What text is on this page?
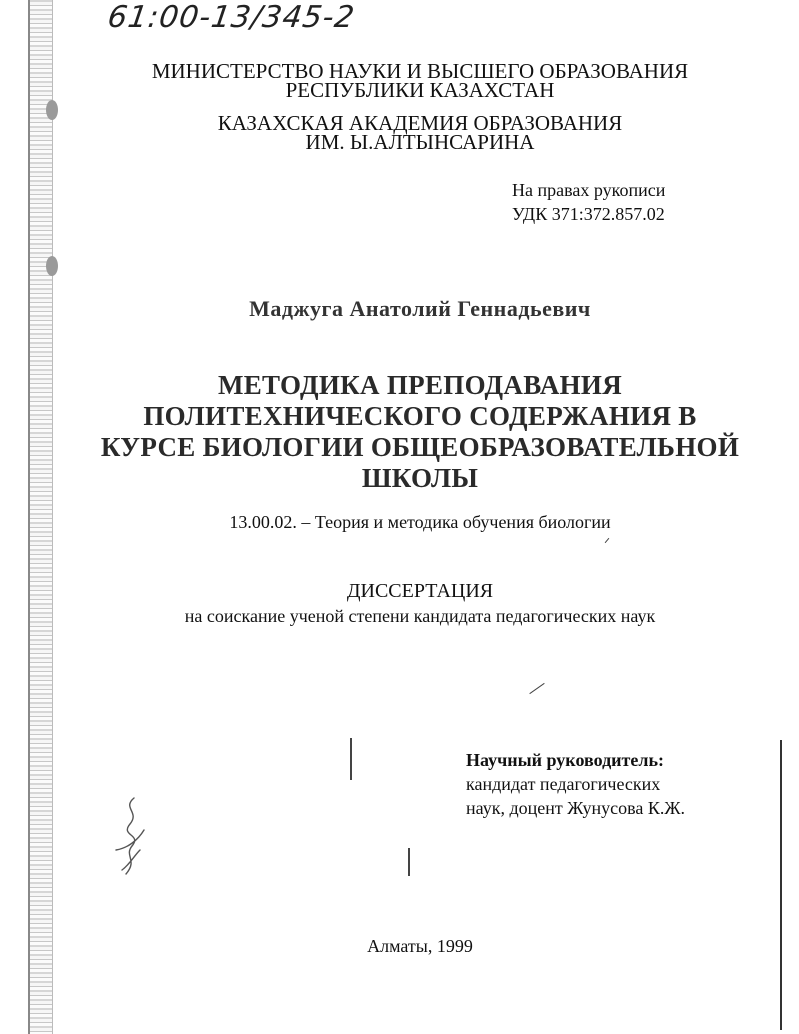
61:00-13/345-2
МИНИСТЕРСТВО НАУКИ И ВЫСШЕГО ОБРАЗОВАНИЯ
РЕСПУБЛИКИ КАЗАХСТАН
КАЗАХСКАЯ АКАДЕМИЯ ОБРАЗОВАНИЯ
ИМ. Ы.АЛТЫНСАРИНА
На правах рукописи
УДК 371:372.857.02
Маджуга Анатолий Геннадьевич
МЕТОДИКА ПРЕПОДАВАНИЯ
ПОЛИТЕХНИЧЕСКОГО СОДЕРЖАНИЯ В
КУРСЕ БИОЛОГИИ ОБЩЕОБРАЗОВАТЕЛЬНОЙ
ШКОЛЫ
13.00.02. – Теория и методика обучения биологии
ДИССЕРТАЦИЯ
на соискание ученой степени кандидата педагогических наук
Научный руководитель:
кандидат педагогических
наук, доцент Жунусова К.Ж.
Алматы, 1999
